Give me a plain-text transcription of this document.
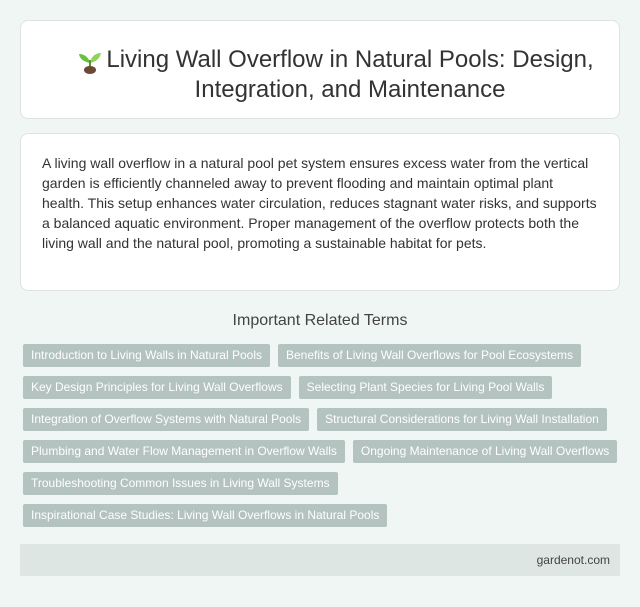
Living Wall Overflow in Natural Pools: Design, Integration, and Maintenance

A living wall overflow in a natural pool pet system ensures excess water from the vertical garden is efficiently channeled away to prevent flooding and maintain optimal plant health. This setup enhances water circulation, reduces stagnant water risks, and supports a balanced aquatic environment. Proper management of the overflow protects both the living wall and the natural pool, promoting a sustainable habitat for pets.

Important Related Terms
Introduction to Living Walls in Natural Pools	Benefits of Living Wall Overflows for Pool Ecosystems
Key Design Principles for Living Wall Overflows	Selecting Plant Species for Living Pool Walls
Integration of Overflow Systems with Natural Pools	Structural Considerations for Living Wall Installation
Plumbing and Water Flow Management in Overflow Walls	Ongoing Maintenance of Living Wall Overflows
Troubleshooting Common Issues in Living Wall Systems
Inspirational Case Studies: Living Wall Overflows in Natural Pools
gardenot.com
